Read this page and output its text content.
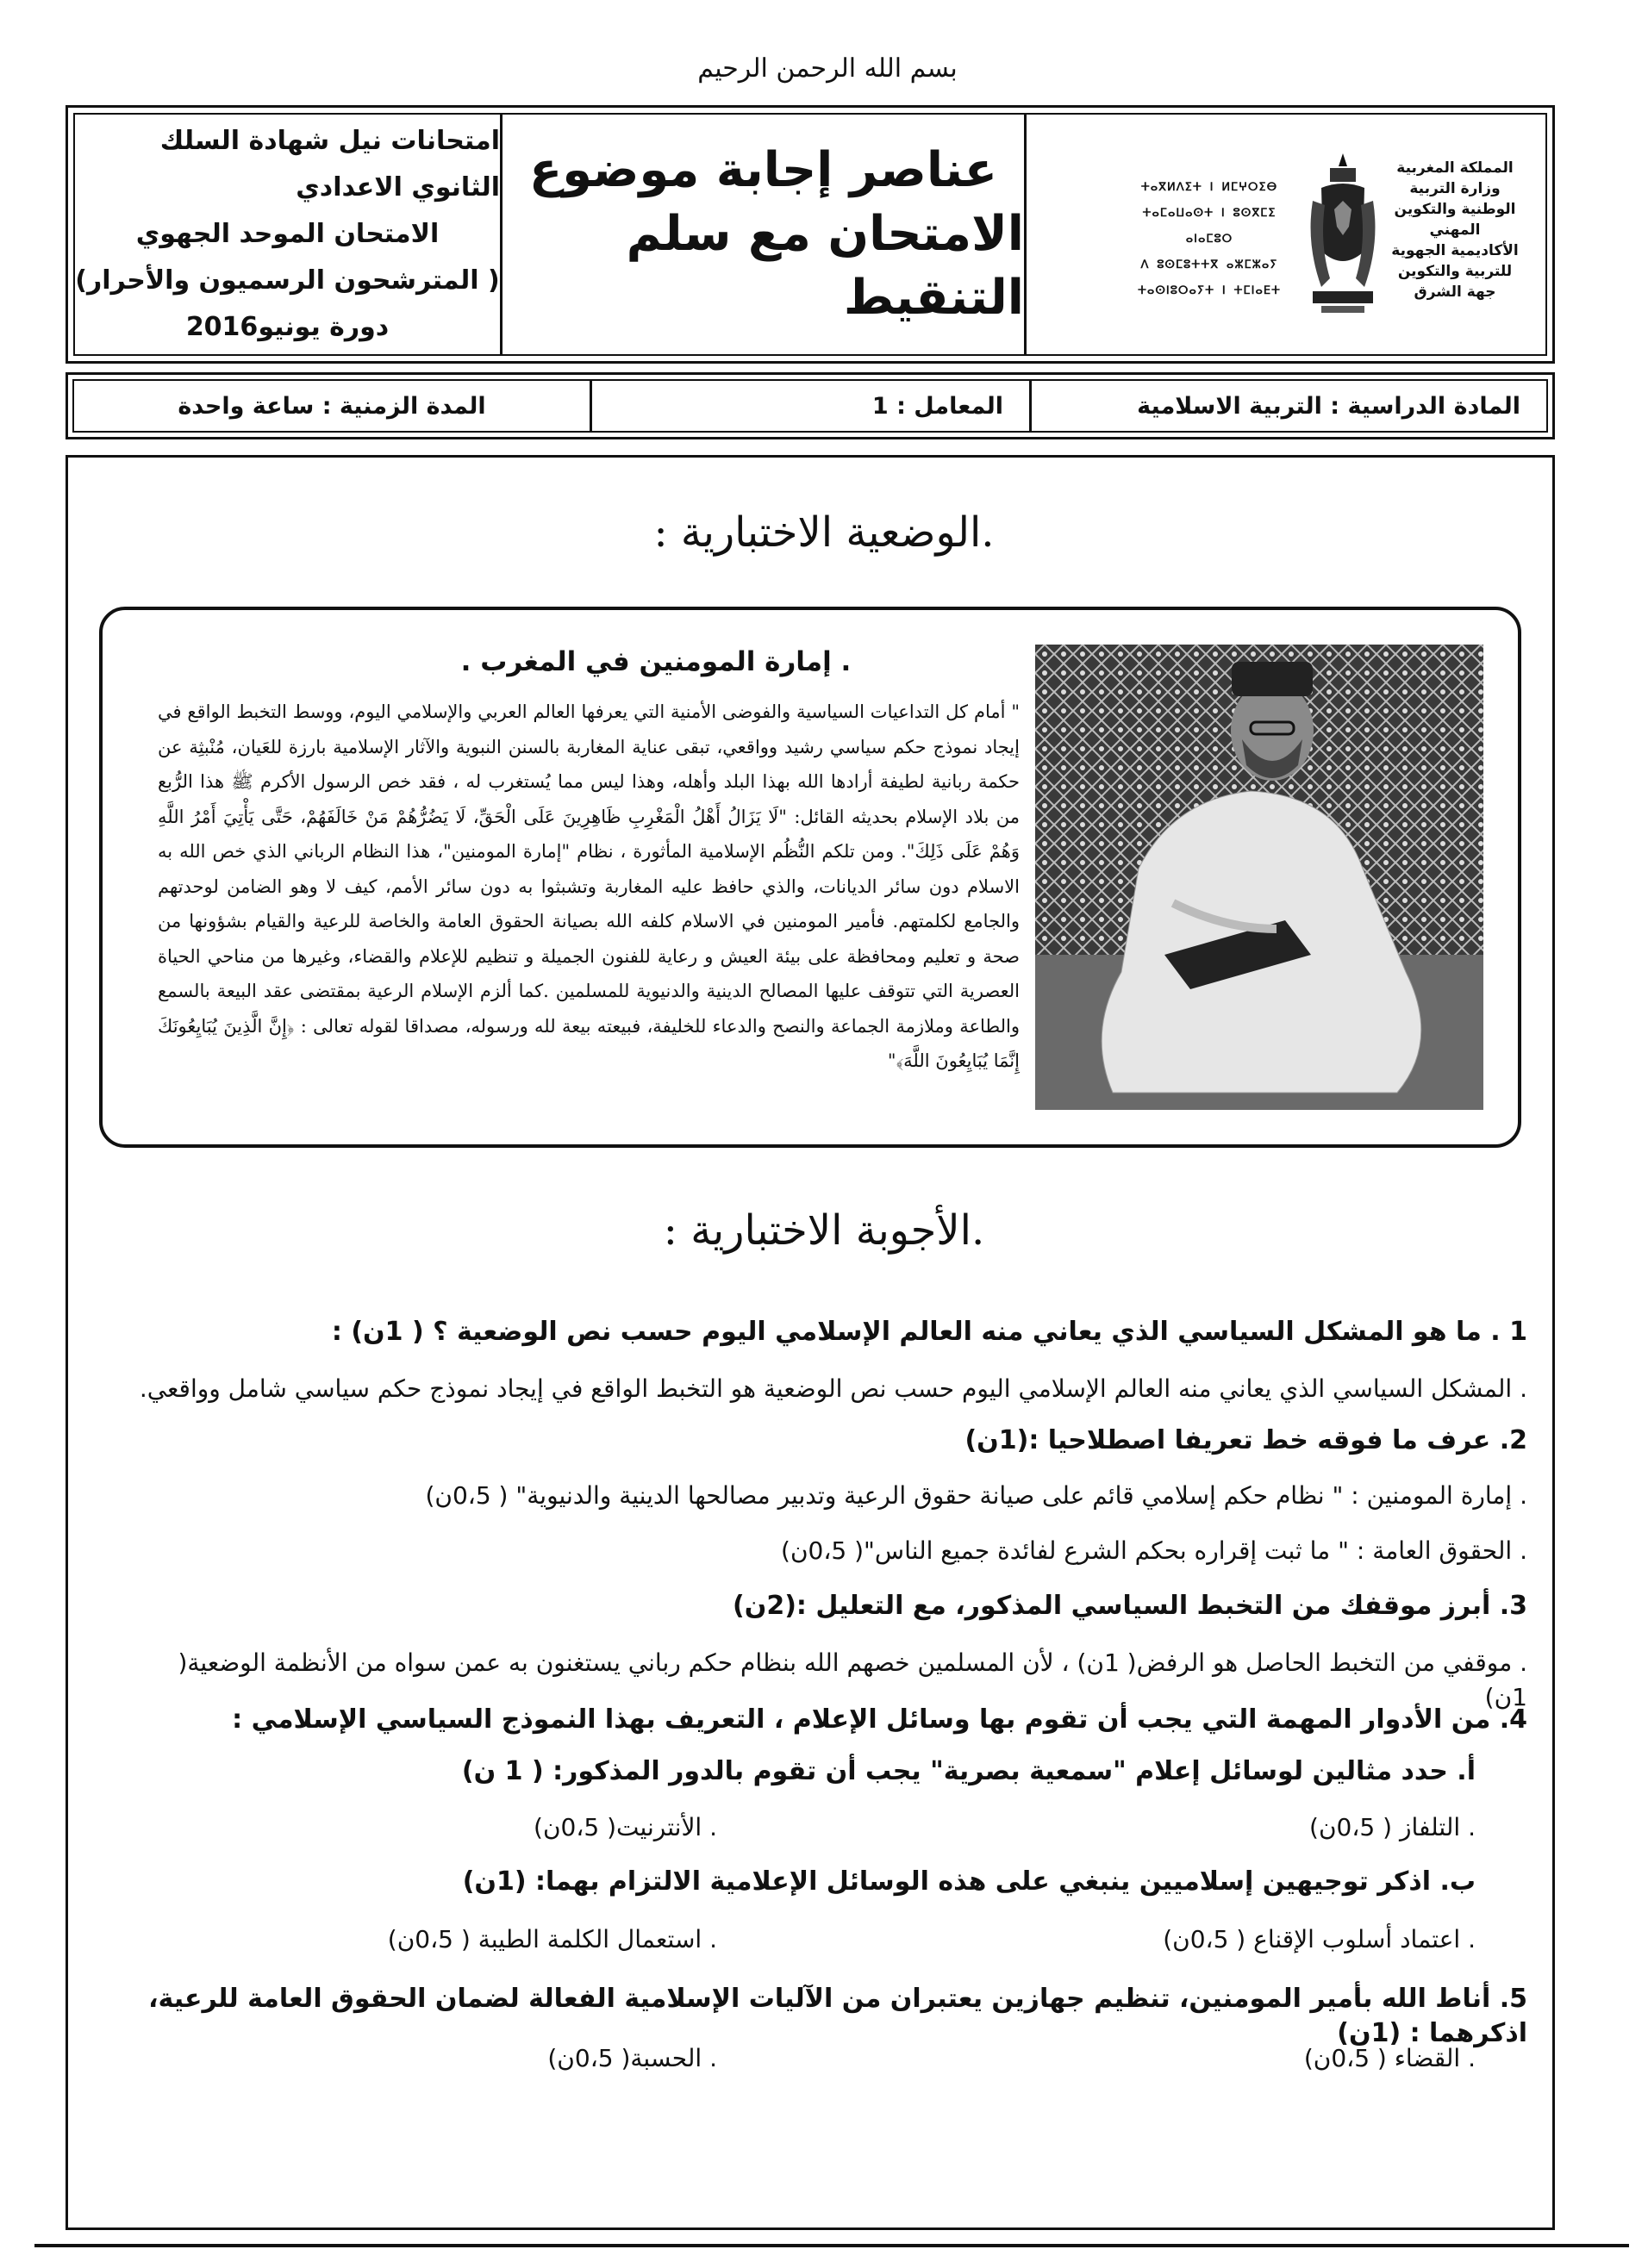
بسم الله الرحمن الرحيم
المملكة المغربية
وزارة التربية الوطنية والتكوين المهني
الأكاديمية الجهوية للتربية والتكوين
جهة الشرق
ⵜⴰⴳⵍⴷⵉⵜ ⵏ ⵍⵎⵖⵔⵉⴱ
ⵜⴰⵎⴰⵡⴰⵙⵜ ⵏ ⵓⵙⴳⵎⵉ ⴰⵏⴰⵎⵓⵔ
ⴷ ⵓⵙⵎⵓⵜⵜⴳ ⴰⵣⵎⵣⴰⵢ
ⵜⴰⵙⵏⵓⵔⴰⵢⵜ ⵏ ⵜⵎⵏⴰⴹⵜ
عناصر إجابة موضوع
الامتحان مع سلم التنقيط
امتحانات نيل شهادة السلك الثانوي الاعدادي
الامتحان الموحد الجهوي
( المترشحون الرسميون والأحرار)
دورة يونيو2016
المادة الدراسية : التربية الاسلامية
المعامل : 1
المدة الزمنية : ساعة واحدة
.الوضعية الاختبارية :
. إمارة المومنين في المغرب .
" أمام كل التداعيات السياسية والفوضى الأمنية التي يعرفها العالم العربي والإسلامي اليوم، ووسط التخبط الواقع في إيجاد نموذج حكم سياسي رشيد وواقعي، تبقى عناية المغاربة بالسنن النبوية والآثار الإسلامية بارزة للعَيان، مُنْبثِة عن حكمة ربانية لطيفة أرادها الله بهذا البلد وأهله، وهذا ليس مما يُستغرب له ، فقد خص الرسول الأكرم ﷺ هذا الرُّبع من بلاد الإسلام بحديثه القائل: "لَا يَزَالُ أَهْلُ الْمَغْرِبِ ظَاهِرِينَ عَلَى الْحَقِّ، لَا يَضُرُّهُمْ مَنْ خَالَفَهُمْ، حَتَّى يَأْتِيَ أَمْرُ اللَّهِ وَهُمْ عَلَى ذَلِكَ". ومن تلكم النُّظُم الإسلامية المأثورة ، نظام "إمارة المومنين"، هذا النظام الرباني الذي خص الله به الاسلام دون سائر الديانات، والذي حافظ عليه المغاربة وتشبثوا به دون سائر الأمم، كيف لا وهو الضامن لوحدتهم والجامع لكلمتهم. فأمير المومنين في الاسلام كلفه الله بصيانة الحقوق العامة والخاصة للرعية والقيام بشؤونها من صحة و تعليم ومحافظة على بيئة العيش و رعاية للفنون الجميلة و تنظيم للإعلام والقضاء، وغيرها من مناحي الحياة العصرية التي تتوقف عليها المصالح الدينية والدنيوية للمسلمين .كما ألزم الإسلام الرعية بمقتضى عقد البيعة بالسمع والطاعة وملازمة الجماعة والنصح والدعاء للخليفة، فبيعته بيعة لله ورسوله، مصداقا لقوله تعالى : ﴿إِنَّ الَّذِينَ يُبَايِعُونَكَ إِنَّمَا يُبَايِعُونَ اللَّهَ﴾"
.الأجوبة الاختبارية :
1 . ما هو المشكل السياسي الذي يعاني منه العالم الإسلامي اليوم حسب نص الوضعية ؟ ( 1ن) :
. المشكل السياسي الذي يعاني منه العالم الإسلامي اليوم حسب نص الوضعية هو التخبط الواقع في إيجاد نموذج حكم سياسي شامل وواقعي.
2. عرف ما فوقه خط تعريفا اصطلاحيا :(1ن)
. إمارة المومنين : " نظام حكم إسلامي قائم على صيانة حقوق الرعية وتدبير مصالحها الدينية والدنيوية" ( 0،5ن)
. الحقوق العامة : " ما ثبت إقراره بحكم الشرع لفائدة جميع الناس"( 0،5ن)
3. أبرز موقفك من التخبط السياسي المذكور، مع التعليل :(2ن)
. موقفي من التخبط الحاصل هو الرفض( 1ن) ، لأن المسلمين خصهم الله بنظام حكم رباني يستغنون به عمن سواه من الأنظمة الوضعية( 1ن)
4. من الأدوار المهمة التي يجب أن تقوم بها وسائل الإعلام ، التعريف بهذا النموذج السياسي الإسلامي :
أ. حدد مثالين لوسائل إعلام "سمعية بصرية" يجب أن تقوم بالدور المذكور: ( 1 ن)
. التلفاز ( 0،5ن)
. الأنترنيت( 0،5ن)
ب. اذكر توجيهين إسلاميين ينبغي على هذه الوسائل الإعلامية الالتزام بهما: (1ن)
. اعتماد أسلوب الإقناع ( 0،5ن)
. استعمال الكلمة الطيبة ( 0،5ن)
5. أناط الله بأمير المومنين، تنظيم جهازين يعتبران من الآليات الإسلامية الفعالة لضمان الحقوق العامة للرعية، اذكرهما : (1ن)
. القضاء ( 0،5ن)
. الحسبة( 0،5ن)
